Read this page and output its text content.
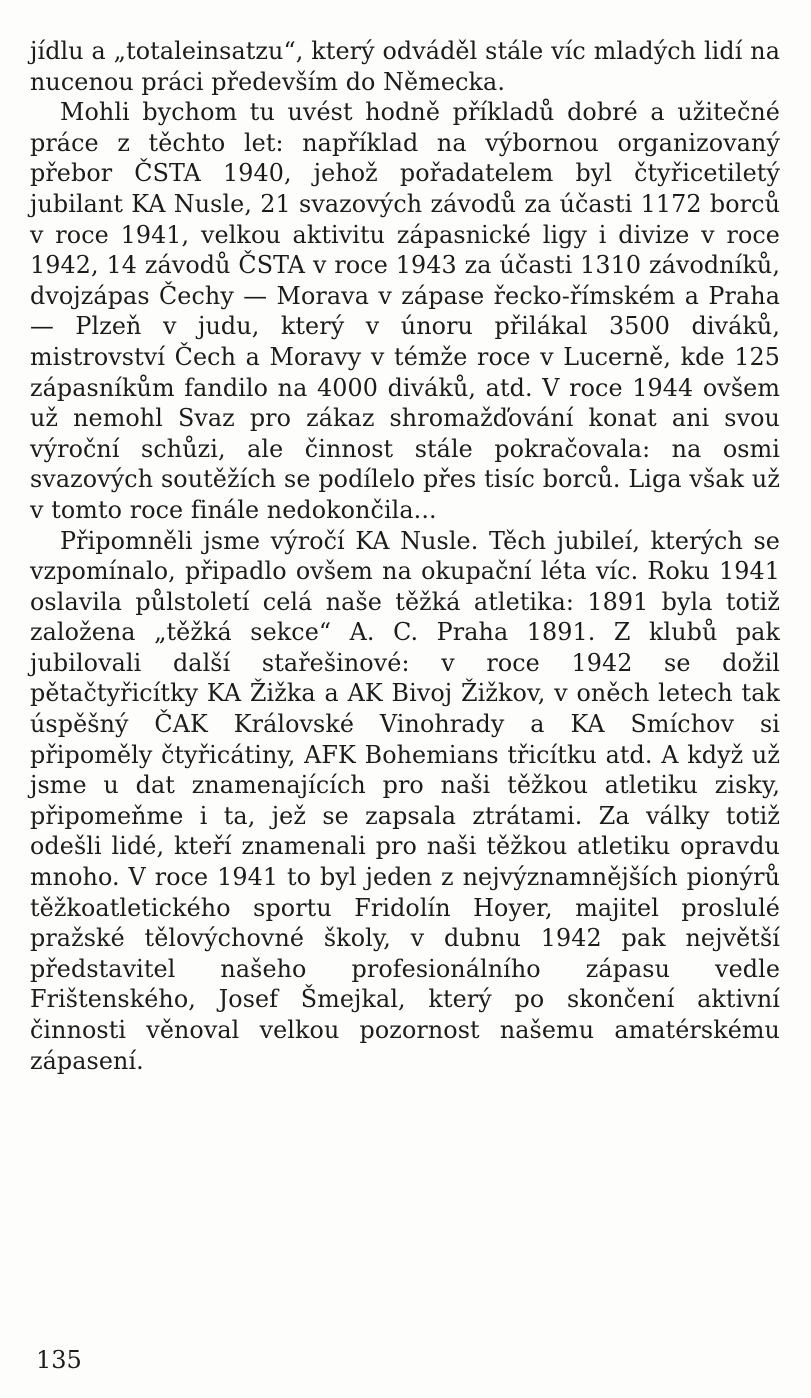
jídlu a „totaleinsatzu“, který odváděl stále víc mladých lidí na nucenou práci především do Německa.

Mohli bychom tu uvést hodně příkladů dobré a užitečné práce z těchto let: například na výbornou organizovaný přebor ČSTA 1940, jehož pořadatelem byl čtyřicetiletý jubilant KA Nusle, 21 svazových závodů za účasti 1172 borců v roce 1941, velkou aktivitu zápasnické ligy i divize v roce 1942, 14 závodů ČSTA v roce 1943 za účasti 1310 závodníků, dvojzápas Čechy — Morava v zápase řecko-římském a Praha — Plzeň v judu, který v únoru přilákal 3500 diváků, mistrovství Čech a Moravy v témže roce v Lucerně, kde 125 zápasníkům fandilo na 4000 diváků, atd. V roce 1944 ovšem už nemohl Svaz pro zákaz shromažďování konat ani svou výroční schůzi, ale činnost stále pokračovala: na osmi svazových soutěžích se podílelo přes tisíc borců. Liga však už v tomto roce finále nedokončila...

Připomněli jsme výročí KA Nusle. Těch jubileí, kterých se vzpomínalo, připadlo ovšem na okupační léta víc. Roku 1941 oslavila půlstoletí celá naše těžká atletika: 1891 byla totiž založena „těžká sekce“ A. C. Praha 1891. Z klubů pak jubilovali další stařešinové: v roce 1942 se dožil pětačtyřicítky KA Žižka a AK Bivoj Žižkov, v oněch letech tak úspěšný ČAK Královské Vinohrady a KA Smíchov si připoměly čtyřicátiny, AFK Bohemians třicítku atd. A když už jsme u dat znamenajících pro naši těžkou atletiku zisky, připomeňme i ta, jež se zapsala ztrátami. Za války totiž odešli lidé, kteří znamenali pro naši těžkou atletiku opravdu mnoho. V roce 1941 to byl jeden z nejvýznamnějších pionýrů těžkoatletického sportu Fridolín Hoyer, majitel proslulé pražské tělovýchovné školy, v dubnu 1942 pak největší představitel našeho profesionálního zápasu vedle Frištenského, Josef Šmejkal, který po skončení aktivní činnosti věnoval velkou pozornost našemu amatérskému zápasení.

135
